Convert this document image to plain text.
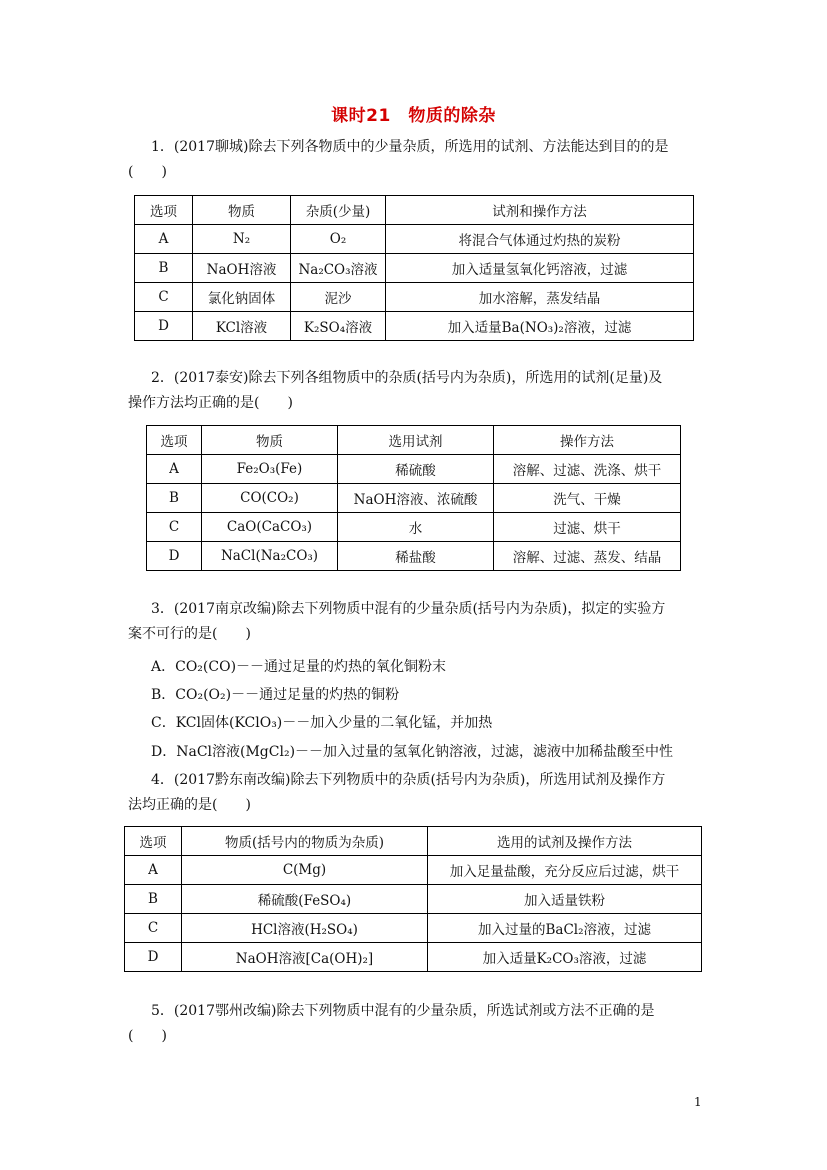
课时21　物质的除杂
1．(2017聊城)除去下列各物质中的少量杂质，所选用的试剂、方法能达到目的的是
(　　)
选项	物质	杂质(少量)	试剂和操作方法
A	N₂	O₂	将混合气体通过灼热的炭粉
B	NaOH溶液	Na₂CO₃溶液	加入适量氢氧化钙溶液，过滤
C	氯化钠固体	泥沙	加水溶解，蒸发结晶
D	KCl溶液	K₂SO₄溶液	加入适量Ba(NO₃)₂溶液，过滤
2．(2017泰安)除去下列各组物质中的杂质(括号内为杂质)，所选用的试剂(足量)及
操作方法均正确的是(　　)
选项	物质	选用试剂	操作方法
A	Fe₂O₃(Fe)	稀硫酸	溶解、过滤、洗涤、烘干
B	CO(CO₂)	NaOH溶液、浓硫酸	洗气、干燥
C	CaO(CaCO₃)	水	过滤、烘干
D	NaCl(Na₂CO₃)	稀盐酸	溶解、过滤、蒸发、结晶
3．(2017南京改编)除去下列物质中混有的少量杂质(括号内为杂质)，拟定的实验方
案不可行的是(　　)
A．CO₂(CO)－－通过足量的灼热的氧化铜粉末
B．CO₂(O₂)－－通过足量的灼热的铜粉
C．KCl固体(KClO₃)－－加入少量的二氧化锰，并加热
D．NaCl溶液(MgCl₂)－－加入过量的氢氧化钠溶液，过滤，滤液中加稀盐酸至中性
4．(2017黔东南改编)除去下列物质中的杂质(括号内为杂质)，所选用试剂及操作方
法均正确的是(　　)
选项	物质(括号内的物质为杂质)	选用的试剂及操作方法
A	C(Mg)	加入足量盐酸，充分反应后过滤，烘干
B	稀硫酸(FeSO₄)	加入适量铁粉
C	HCl溶液(H₂SO₄)	加入过量的BaCl₂溶液，过滤
D	NaOH溶液[Ca(OH)₂]	加入适量K₂CO₃溶液，过滤
5．(2017鄂州改编)除去下列物质中混有的少量杂质，所选试剂或方法不正确的是
(　　)
1
